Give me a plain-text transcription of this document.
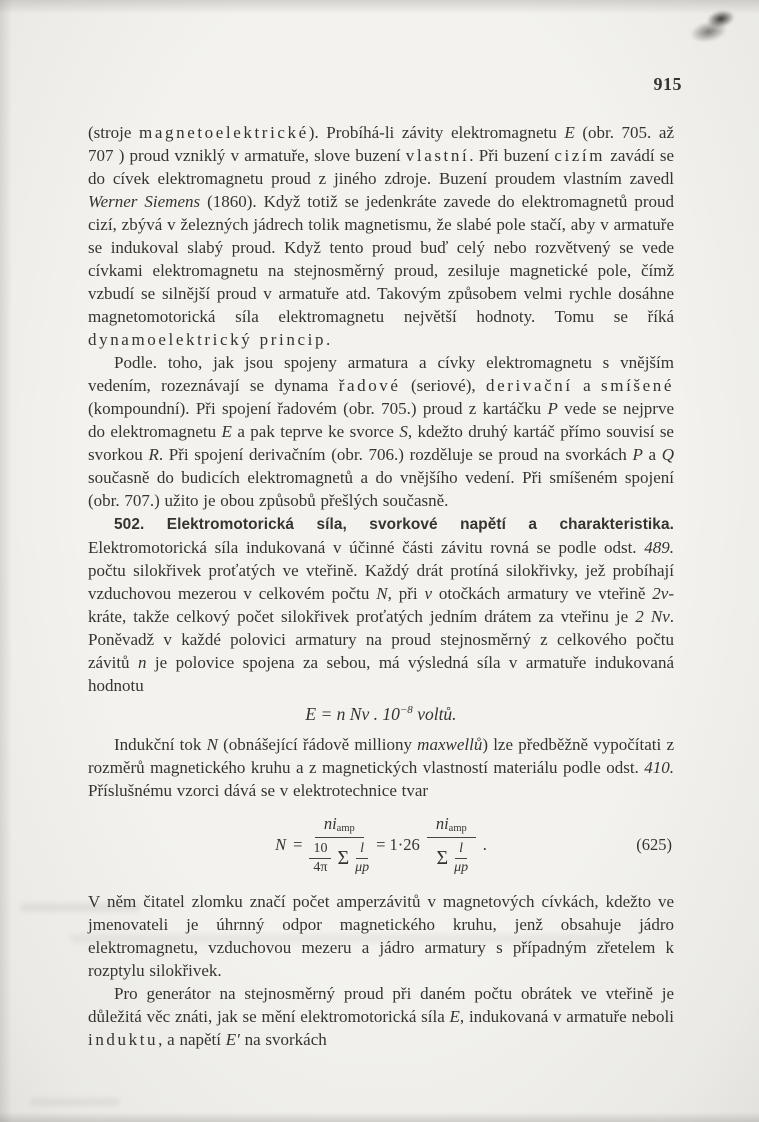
915

(stroje magnetoelektrické). Probíhá-li závity elektromagnetu E (obr. 705. až 707 ) proud vzniklý v armatuře, slove buzení vlastní. Při buzení cizím zavádí se do cívek elektromagnetu proud z jiného zdroje. Buzení proudem vlastním zavedl Werner Siemens (1860). Když totiž se jedenkráte zavede do elektromagnetů proud cizí, zbývá v železných jádrech tolik magnetismu, že slabé pole stačí, aby v armatuře se indukoval slabý proud. Když tento proud buď celý nebo rozvětvený se vede cívkami elektromagnetu na stejnosměrný proud, zesiluje magnetické pole, čímž vzbudí se silnější proud v armatuře atd. Takovým způsobem velmi rychle dosáhne magnetomotorická síla elektromagnetu největší hodnoty. Tomu se říká dynamoelektrický princip.

Podle. toho, jak jsou spojeny armatura a cívky elektromagnetu s vnějším vedením, rozeznávají se dynama řadové (seriové), derivační a smíšené (kompoundní). Při spojení řadovém (obr. 705.) proud z kartáčku P vede se nejprve do elektromagnetu E a pak teprve ke svorce S, kdežto druhý kartáč přímo souvisí se svorkou R. Při spojení derivačním (obr. 706.) rozděluje se proud na svorkách P a Q současně do budicích elektromagnetů a do vnějšího vedení. Při smíšeném spojení (obr. 707.) užito je obou způsobů přešlých současně.

502. Elektromotorická síla, svorkové napětí a charakteristika. Elektromotorická síla indukovaná v účinné části závitu rovná se podle odst. 489. počtu silokřivek proťatých ve vteřině. Každý drát protíná silokřivky, jež probíhají vzduchovou mezerou v celkovém počtu N, při v otočkách armatury ve vteřině 2v-kráte, takže celkový počet silokřivek proťatých jedním drátem za vteřinu je 2 Nv. Poněvadž v každé polovici armatury na proud stejnosměrný z celkového počtu závitů n je polovice spojena za sebou, má výsledná síla v armatuře indukovaná hodnotu

E = n Nv . $10^{-8}$ voltů.

Indukční tok N (obnášející řádově milliony maxwellů) lze předběžně vypočítati z rozměrů magnetického kruhu a z magnetických vlastností materiálu podle odst. 410. Příslušnému vzorci dává se v elektrotechnice tvar

N =
$ni_{amp}$
$\frac{10}{4\pi}$ Σ $\frac{l}{\mu p} = 1\cdot 26 \frac{ni_{amp}}{\Sigma \frac{l}{\mu p}}$ .	(625)

V něm čitatel zlomku značí počet amperzávitů v magnetových cívkách, kdežto ve jmenovateli je úhrnný odpor magnetického kruhu, jenž obsahuje jádro elektromagnetu, vzduchovou mezeru a jádro armatury s případným zřetelem k rozptylu silokřivek.

Pro generátor na stejnosměrný proud při daném počtu obrátek ve vteřině je důležitá věc znáti, jak se mění elektromotorická síla E, indukovaná v armatuře neboli induktu, a napětí E′ na svorkách
